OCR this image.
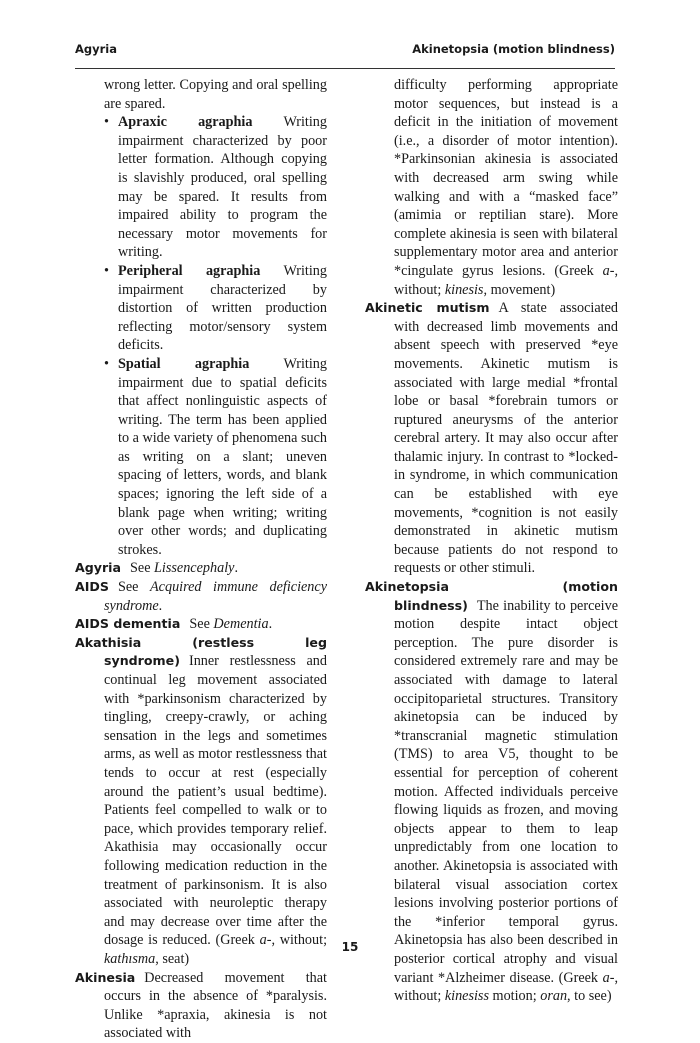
Agyria	Akinetopsia (motion blindness)

wrong letter. Copying and oral spelling are spared.

• Apraxic agraphia Writing impairment characterized by poor letter formation. Although copying is slavishly produced, oral spelling may be spared. It results from impaired ability to program the necessary motor movements for writing.
• Peripheral agraphia Writing impairment characterized by distortion of written production reflecting motor/sensory system deficits.
• Spatial agraphia Writing impairment due to spatial deficits that affect nonlinguistic aspects of writing. The term has been applied to a wide variety of phenomena such as writing on a slant; uneven spacing of letters, words, and blank spaces; ignoring the left side of a blank page when writing; writing over other words; and duplicating strokes.

Agyria See Lissencephaly.

AIDS See Acquired immune deficiency syndrome.

AIDS dementia See Dementia.

Akathisia (restless leg syndrome) Inner restlessness and continual leg movement associated with *parkinsonism characterized by tingling, creepy-crawly, or aching sensation in the legs and sometimes arms, as well as motor restlessness that tends to occur at rest (especially around the patient’s usual bedtime). Patients feel compelled to walk or to pace, which provides temporary relief. Akathisia may occasionally occur following medication reduction in the treatment of parkinsonism. It is also associated with neuroleptic therapy and may decrease over time after the dosage is reduced. (Greek a-, without; kathısma, seat)

Akinesia Decreased movement that occurs in the absence of *paralysis. Unlike *apraxia, akinesia is not associated with

difficulty performing appropriate motor sequences, but instead is a deficit in the initiation of movement (i.e., a disorder of motor intention). *Parkinsonian akinesia is associated with decreased arm swing while walking and with a “masked face” (amimia or reptilian stare). More complete akinesia is seen with bilateral supplementary motor area and anterior *cingulate gyrus lesions. (Greek a-, without; kinesis, movement)

Akinetic mutism A state associated with decreased limb movements and absent speech with preserved *eye movements. Akinetic mutism is associated with large medial *frontal lobe or basal *forebrain tumors or ruptured aneurysms of the anterior cerebral artery. It may also occur after thalamic injury. In contrast to *locked-in syndrome, in which communication can be established with eye movements, *cognition is not easily demonstrated in akinetic mutism because patients do not respond to requests or other stimuli.

Akinetopsia (motion blindness) The inability to perceive motion despite intact object perception. The pure disorder is considered extremely rare and may be associated with damage to lateral occipitoparietal structures. Transitory akinetopsia can be induced by *transcranial magnetic stimulation (TMS) to area V5, thought to be essential for perception of coherent motion. Affected individuals perceive flowing liquids as frozen, and moving objects appear to them to leap unpredictably from one location to another. Akinetopsia is associated with bilateral visual association cortex lesions involving posterior portions of the *inferior temporal gyrus. Akinetopsia has also been described in posterior cortical atrophy and visual variant *Alzheimer disease. (Greek a-, without; kinesiss motion; oran, to see)

15
